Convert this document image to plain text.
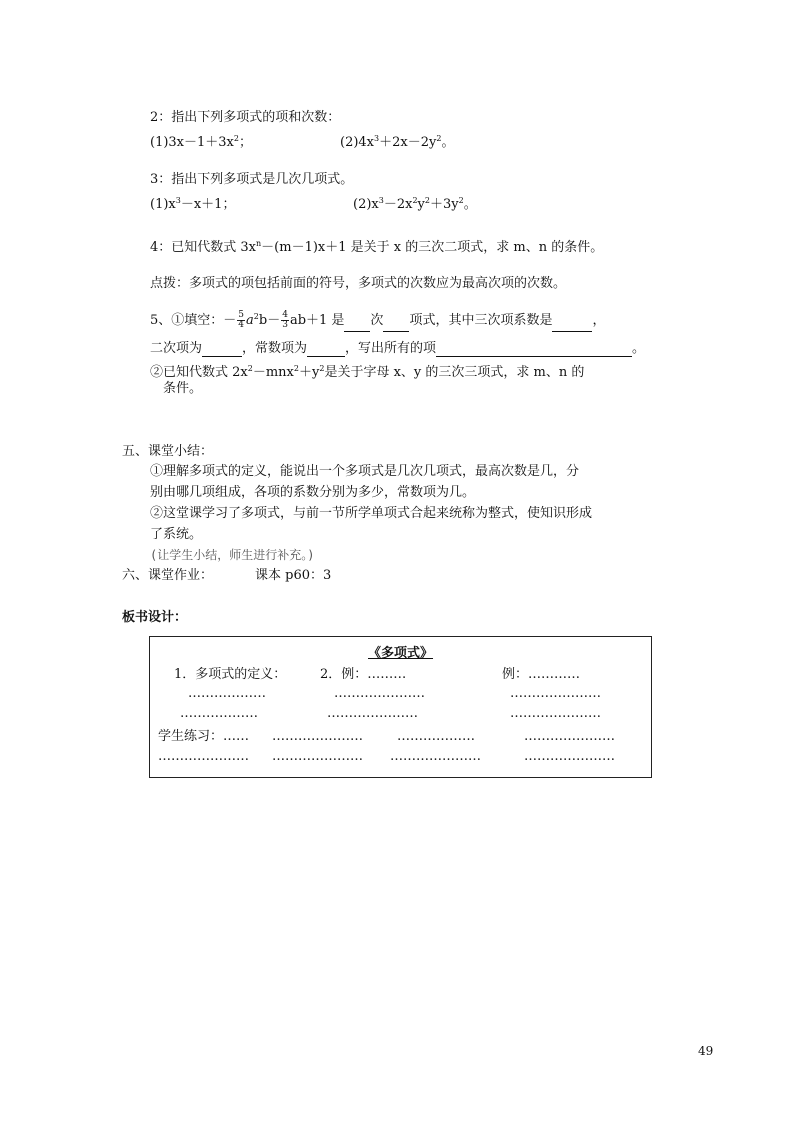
2：指出下列多项式的项和次数：
$(1)3x-1+3x^2$；	$(2)4x^3+2x-2y^2$。
3：指出下列多项式是几次几项式。
$(1)x^3-x+1$；	$(2)x^3-2x^2y^2+3y^2$。
4：已知代数式 $3x^n-(m-1)x+1$ 是关于 x 的三次二项式，求 m、n 的条件。
点拨：多项式的项包括前面的符号，多项式的次数应为最高次项的次数。
5、①填空：－ $\frac{5}{4} a^2b- \frac{4}{3} ab+1$ 是 次 项式，其中三次项系数是	，
二次项为	，常数项为	，写出所有的项	。
②已知代数式 $2x^2-mnx^2+y^2$是关于字母 x、y 的三次三项式，求 m、n 的
条件。
五、课堂小结：
①理解多项式的定义，能说出一个多项式是几次几项式，最高次数是几，分
别由哪几项组成，各项的系数分别为多少，常数项为几。
②这堂课学习了多项式，与前一节所学单项式合起来统称为整式，使知识形成
了系统。
(让学生小结，师生进行补充。)
六、课堂作业：	课本 p60：3
板书设计：
《多项式》
1．多项式的定义：	2．例：………	例：…………
………………	…………………	…………………
………………	…………………	…………………
学生练习：…… …………………	………………	…………………
………………… ………………… …………………	…………………
49
